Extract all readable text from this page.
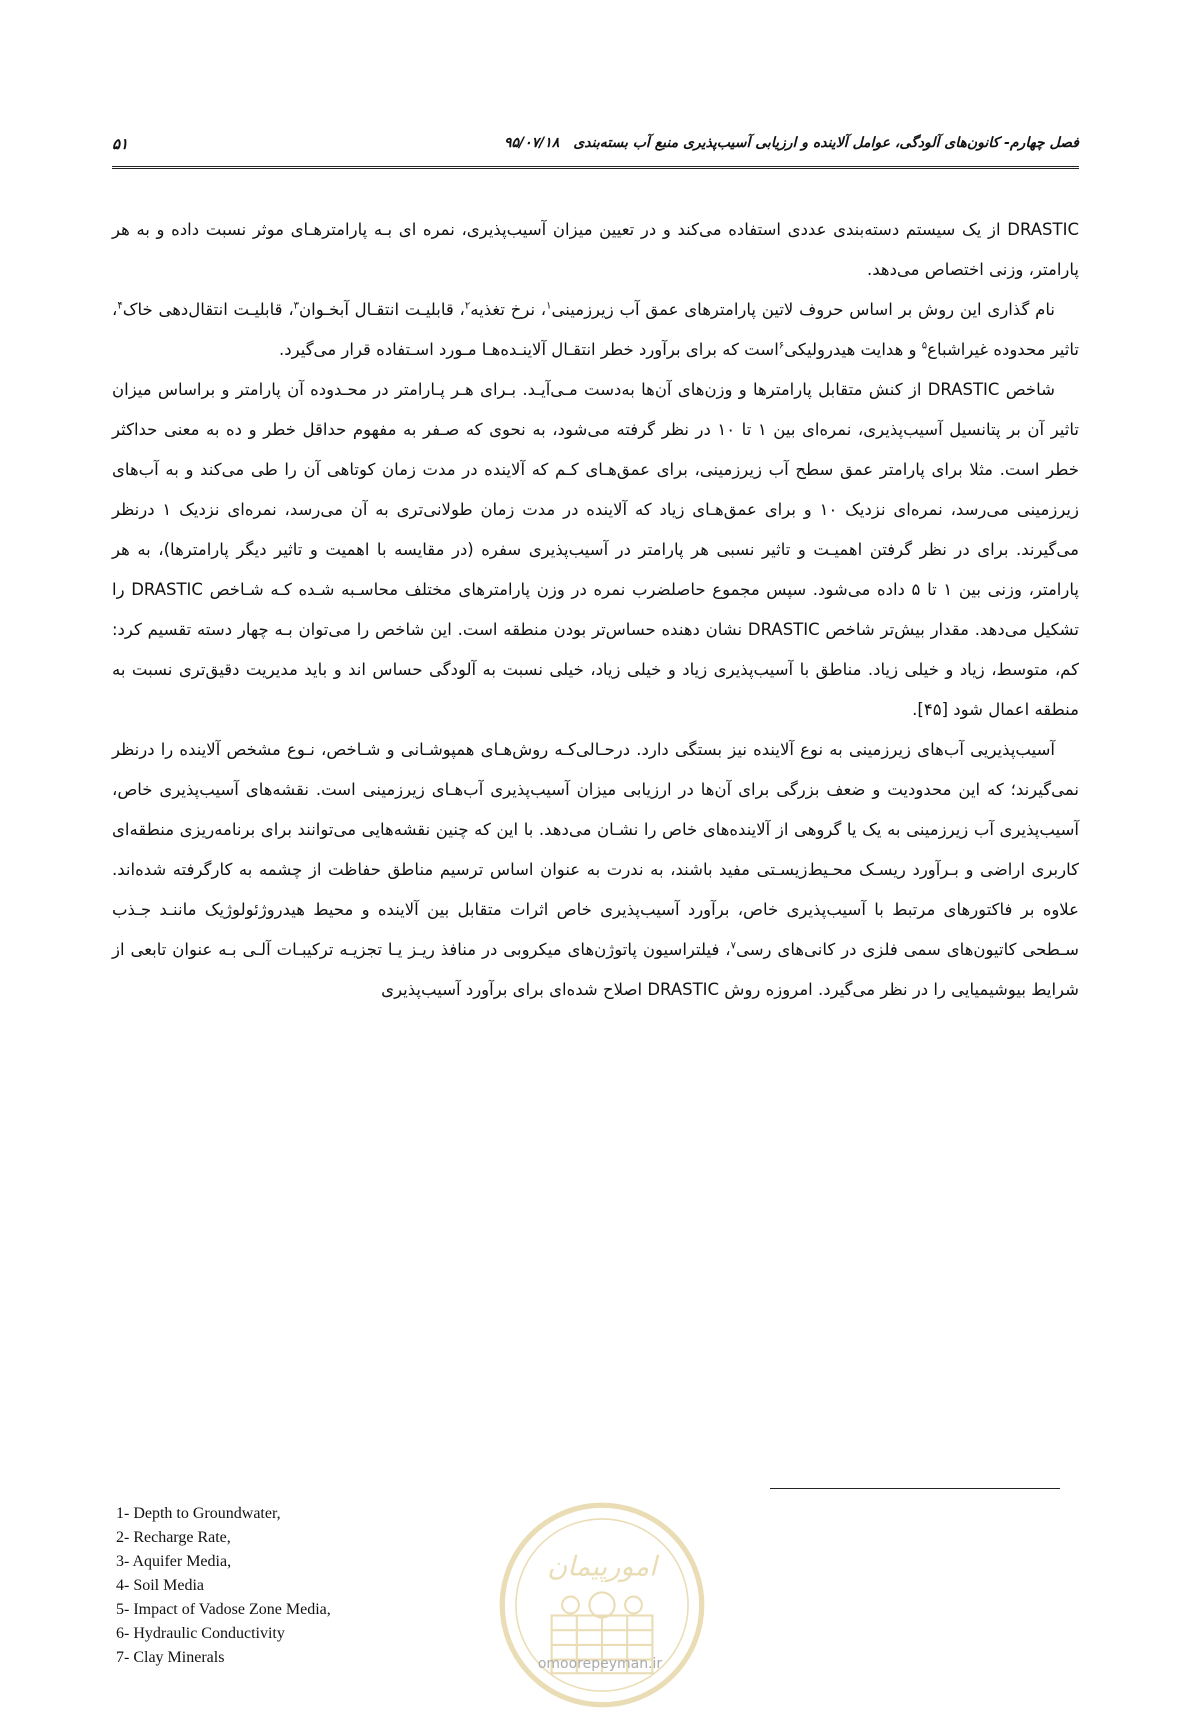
فصل چهارم- کانون‌های آلودگی، عوامل آلاینده و ارزیابی آسیب‌پذیری منبع آب بسته‌بندی۹۵/۰۷/۱۸
۵۱

DRASTIC از یک سیستم دسته‌بندی عددی استفاده می‌کند و در تعیین میزان آسیب‌پذیری، نمره ای بـه پارامترهـای موثر نسبت داده و به هر پارامتر، وزنی اختصاص می‌دهد.

نام گذاری این روش بر اساس حروف لاتین پارامترهای عمق آب زیرزمینی$^۱$، نرخ تغذیه$^۲$، قابلیـت انتقـال آبخـوان$^۳$، قابلیـت انتقال‌دهی خاک$^۴$، تاثیر محدوده غیراشباع$^۵$ و هدایت هیدرولیکی$^۶$است که برای برآورد خطر انتقـال آلاینـده‌هـا مـورد اسـتفاده قرار می‌گیرد.

شاخص DRASTIC از کنش متقابل پارامترها و وزن‌های آن‌ها به‌دست مـی‌آیـد. بـرای هـر پـارامتر در محـدوده آن پارامتر و براساس میزان تاثیر آن بر پتانسیل آسیب‌پذیری، نمره‌ای بین ۱ تا ۱۰ در نظر گرفته می‌شود، به نحوی که صـفر به مفهوم حداقل خطر و ده به معنی حداکثر خطر است. مثلا برای پارامتر عمق سطح آب زیرزمینی، برای عمق‌هـای کـم که آلاینده در مدت زمان کوتاهی آن را طی می‌کند و به آب‌های زیرزمینی می‌رسد، نمره‌ای نزدیک ۱۰ و برای عمق‌هـای زیاد که آلاینده در مدت زمان طولانی‌تری به آن می‌رسد، نمره‌ای نزدیک ۱ درنظر می‌گیرند. برای در نظر گرفتن اهمیـت و تاثیر نسبی هر پارامتر در آسیب‌پذیری سفره (در مقایسه با اهمیت و تاثیر دیگر پارامترها)، به هر پارامتر، وزنی بین ۱ تا ۵ داده می‌شود. سپس مجموع حاصلضرب نمره در وزن پارامترهای مختلف محاسـبه شـده کـه شـاخص DRASTIC را تشکیل می‌دهد. مقدار بیش‌تر شاخص DRASTIC نشان دهنده حساس‌تر بودن منطقه است. این شاخص را می‌توان بـه چهار دسته تقسیم کرد: کم، متوسط، زیاد و خیلی زیاد. مناطق با آسیب‌پذیری زیاد و خیلی زیاد، خیلی نسبت به آلودگی حساس اند و باید مدیریت دقیق‌تری نسبت به منطقه اعمال شود [۴۵].

آسیب‌پذیریی آب‌های زیرزمینی به نوع آلاینده نیز بستگی دارد. درحـالی‌کـه روش‌هـای همپوشـانی و شـاخص، نـوع مشخص آلاینده را درنظر نمی‌گیرند؛ که این محدودیت و ضعف بزرگی برای آن‌ها در ارزیابی میزان آسیب‌پذیری آب‌هـای زیرزمینی است. نقشه‌های آسیب‌پذیری خاص، آسیب‌پذیری آب زیرزمینی به یک یا گروهی از آلاینده‌های خاص را نشـان می‌دهد. با این که چنین نقشه‌هایی می‌توانند برای برنامه‌ریزی منطقه‌ای کاربری اراضی و بـرآورد ریسـک محـیط‌زیسـتی مفید باشند، به ندرت به عنوان اساس ترسیم مناطق حفاظت از چشمه به کارگرفته شده‌اند. علاوه بر فاکتورهای مرتبط با آسیب‌پذیری خاص، برآورد آسیب‌پذیری خاص اثرات متقابل بین آلاینده و محیط هیدروژئولوژیک ماننـد جـذب سـطحی کاتیون‌های سمی فلزی در کانی‌های رسی$^۷$، فیلتراسیون پاتوژن‌های میکروبی در منافذ ریـز یـا تجزیـه ترکیبـات آلـی بـه عنوان تابعی از شرایط بیوشیمیایی را در نظر می‌گیرد. امروزه روش DRASTIC اصلاح شده‌ای برای برآورد آسیب‌پذیری

1- Depth to Groundwater,
2- Recharge Rate,
3- Aquifer Media,
4- Soil Media
5- Impact of Vadose Zone Media,
6- Hydraulic Conductivity
7- Clay Minerals
امورپیمان
omoorepeyman.ir
